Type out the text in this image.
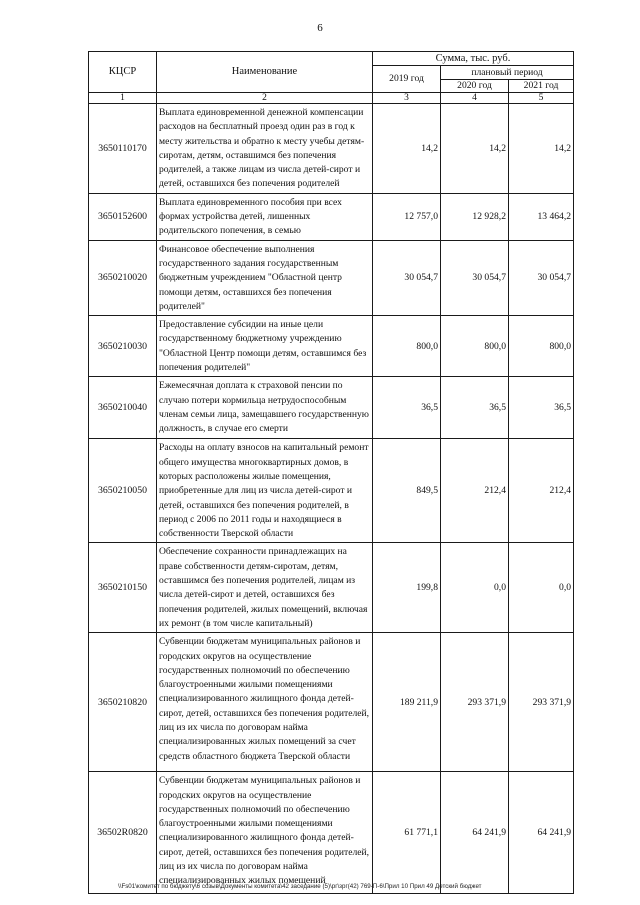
6
КЦСР	Наименование	Сумма, тыс. руб.		
		2019 год	плановый период	
			2020 год	2021 год
1	2	3	4	5
3650110170	Выплата единовременной денежной компенсации расходов на бесплатный проезд один раз в год к месту жительства и обратно к месту учебы детям-сиротам, детям, оставшимся без попечения родителей, а также лицам из числа детей-сирот и детей, оставшихся без попечения родителей	14,2	14,2	14,2
3650152600	Выплата единовременного пособия при всех формах устройства детей, лишенных родительского попечения, в семью	12 757,0	12 928,2	13 464,2
3650210020	Финансовое обеспечение выполнения государственного задания государственным бюджетным учреждением "Областной центр помощи детям, оставшихся без попечения родителей"	30 054,7	30 054,7	30 054,7
3650210030	Предоставление субсидии на иные цели государственному бюджетному учреждению "Областной Центр помощи детям, оставшимся без попечения родителей"	800,0	800,0	800,0
3650210040	Ежемесячная доплата к страховой пенсии по случаю потери кормильца нетрудоспособным членам семьи лица, замещавшего государственную должность, в случае его смерти	36,5	36,5	36,5
3650210050	Расходы на оплату взносов на капитальный ремонт общего имущества многоквартирных домов, в которых расположены жилые помещения, приобретенные для лиц из числа детей-сирот и детей, оставшихся без попечения родителей, в период с 2006 по 2011 годы и находящиеся в собственности Тверской области	849,5	212,4	212,4
3650210150	Обеспечение сохранности принадлежащих на праве собственности детям-сиротам, детям, оставшимся без попечения родителей, лицам из числа детей-сирот и детей, оставшихся без попечения родителей, жилых помещений, включая их ремонт (в том числе капитальный)	199,8	0,0	0,0
3650210820	Субвенции бюджетам муниципальных районов и городских округов на осуществление государственных полномочий по обеспечению благоустроенными жилыми помещениями специализированного жилищного фонда детей-сирот, детей, оставшихся без попечения родителей, лиц из их числа по договорам найма специализированных жилых помещений за счет средств областного бюджета Тверской области	189 211,9	293 371,9	293 371,9
36502R0820	Субвенции бюджетам муниципальных районов и городских округов на осуществление государственных полномочий по обеспечению благоустроенными жилыми помещениями специализированного жилищного фонда детей-сирот, детей, оставшихся без попечения родителей, лиц из их числа по договорам найма специализированных жилых помещений	61 771,1	64 241,9	64 241,9
\\Fs01\комитет по бюджету\6 созыв\Документы комитета\42 заседание (5)\рг\зрг(42) 769-П-6\Прил 10 Прил 49 Детский бюджет
